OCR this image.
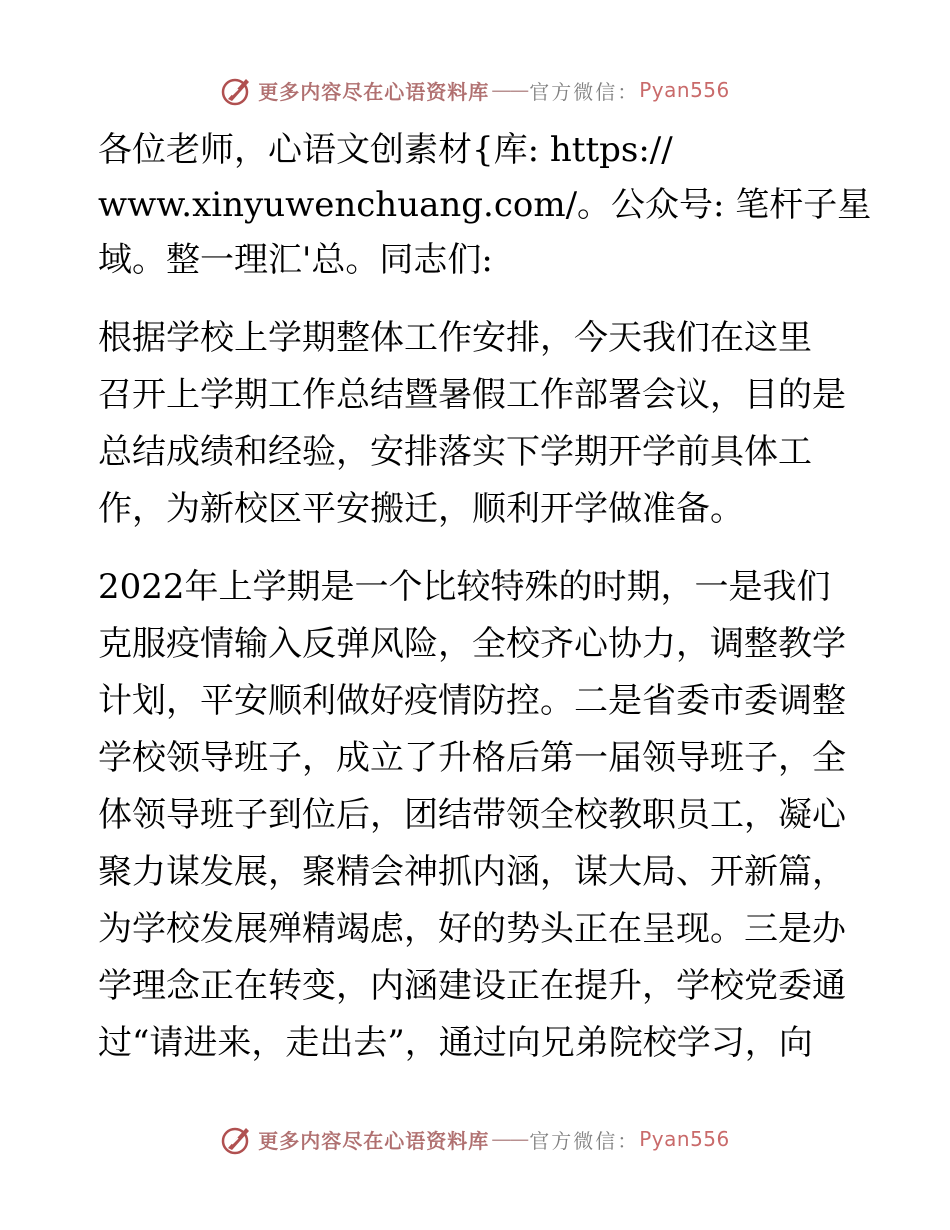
更多内容尽在心语资料库 —— 官方微信： Pyan556
各位老师，心语文创素材{库: https://
www.xinyuwenchuang.com/。公众号: 笔杆子星
域。整一理汇'总。同志们:
根据学校上学期整体工作安排，今天我们在这里
召开上学期工作总结暨暑假工作部署会议，目的是
总结成绩和经验，安排落实下学期开学前具体工
作，为新校区平安搬迁，顺利开学做准备。
2022年上学期是一个比较特殊的时期，一是我们
克服疫情输入反弹风险，全校齐心协力，调整教学
计划，平安顺利做好疫情防控。二是省委市委调整
学校领导班子，成立了升格后第一届领导班子，全
体领导班子到位后，团结带领全校教职员工，凝心
聚力谋发展，聚精会神抓内涵，谋大局、开新篇，
为学校发展殚精竭虑，好的势头正在呈现。三是办
学理念正在转变，内涵建设正在提升，学校党委通
过“请进来，走出去”，通过向兄弟院校学习，向
更多内容尽在心语资料库 —— 官方微信： Pyan556
